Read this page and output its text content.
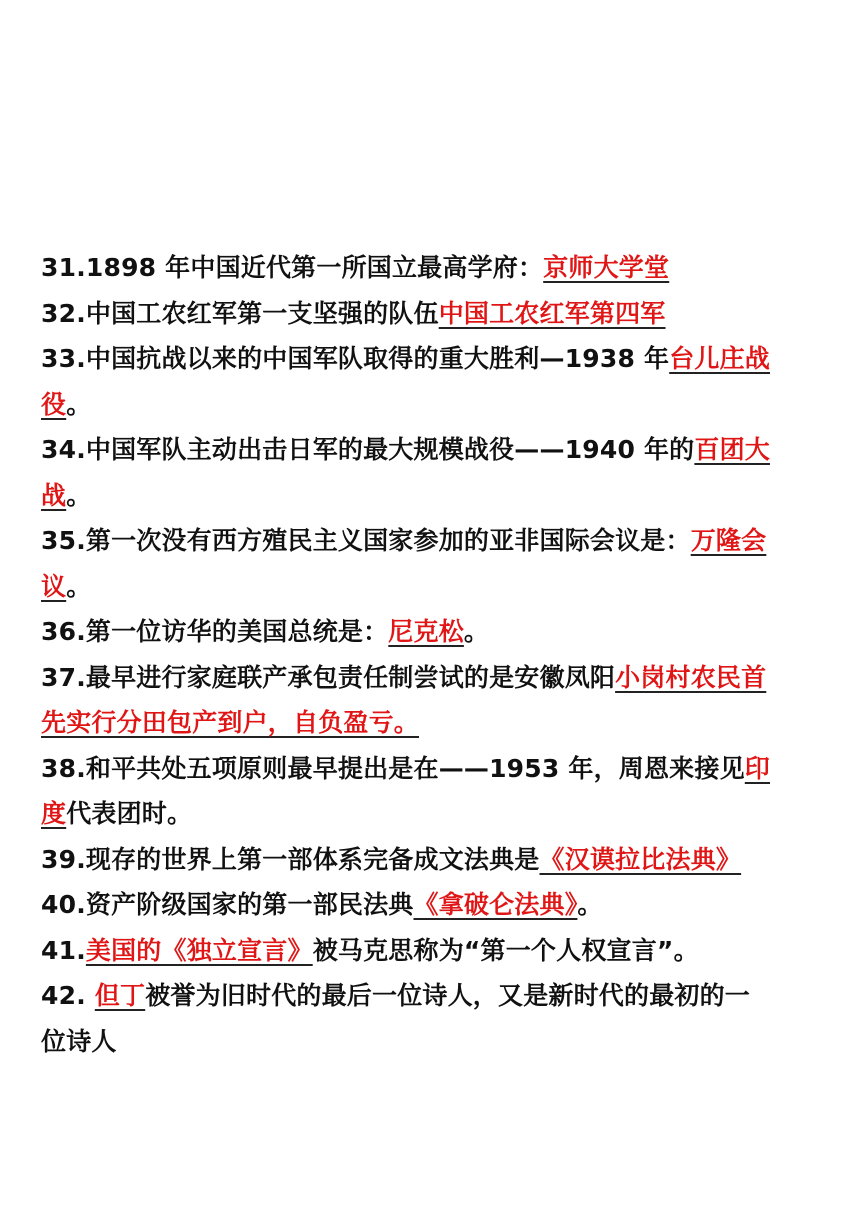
31.1898 年中国近代第一所国立最高学府：京师大学堂
32.中国工农红军第一支坚强的队伍中国工农红军第四军
33.中国抗战以来的中国军队取得的重大胜利—1938 年台儿庄战
役。
34.中国军队主动出击日军的最大规模战役——1940 年的百团大
战。
35.第一次没有西方殖民主义国家参加的亚非国际会议是：万隆会
议。
36.第一位访华的美国总统是：尼克松。
37.最早进行家庭联产承包责任制尝试的是安徽凤阳小岗村农民首
先实行分田包产到户，自负盈亏。
38.和平共处五项原则最早提出是在——1953 年，周恩来接见印
度代表团时。
39.现存的世界上第一部体系完备成文法典是《汉谟拉比法典》
40.资产阶级国家的第一部民法典《拿破仑法典》。
41.美国的《独立宣言》被马克思称为“第一个人权宣言”。
42. 但丁被誉为旧时代的最后一位诗人，又是新时代的最初的一
位诗人
